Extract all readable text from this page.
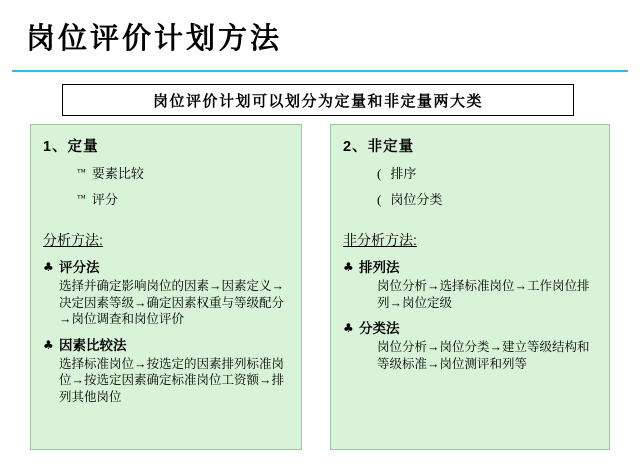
岗位评价计划方法
岗位评价计划可以划分为定量和非定量两大类
1、定量
™ 要素比较
™ 评分
分析方法:
♣ 评分法
选择并确定影响岗位的因素→因素定义→决定因素等级→确定因素权重与等级配分→岗位调查和岗位评价
♣ 因素比较法
选择标准岗位→按选定的因素排列标准岗位→按选定因素确定标准岗位工资额→排列其他岗位
2、非定量
( 排序
( 岗位分类
非分析方法:
♣ 排列法
岗位分析→选择标准岗位→工作岗位排列→岗位定级
♣ 分类法
岗位分析→岗位分类→建立等级结构和等级标准→岗位测评和列等
